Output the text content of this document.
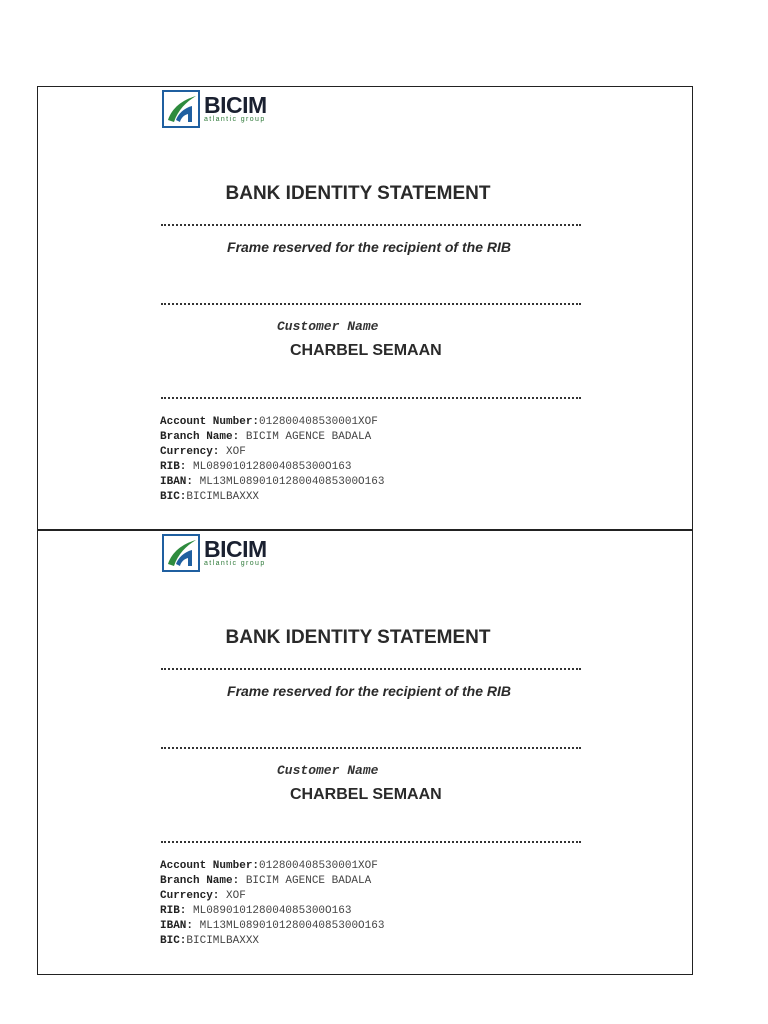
BICIM
atlantic group
BANK IDENTITY STATEMENT
Frame reserved for the recipient of the RIB
Customer Name
CHARBEL SEMAAN
Account Number:012800408530001XOF
Branch Name: BICIM AGENCE BADALA
Currency: XOF
RIB: ML089010128004085300O163
IBAN: ML13ML089010128004085300O163
BIC:BICIMLBAXXX
BICIM
atlantic group
BANK IDENTITY STATEMENT
Frame reserved for the recipient of the RIB
Customer Name
CHARBEL SEMAAN
Account Number:012800408530001XOF
Branch Name: BICIM AGENCE BADALA
Currency: XOF
RIB: ML089010128004085300O163
IBAN: ML13ML089010128004085300O163
BIC:BICIMLBAXXX
